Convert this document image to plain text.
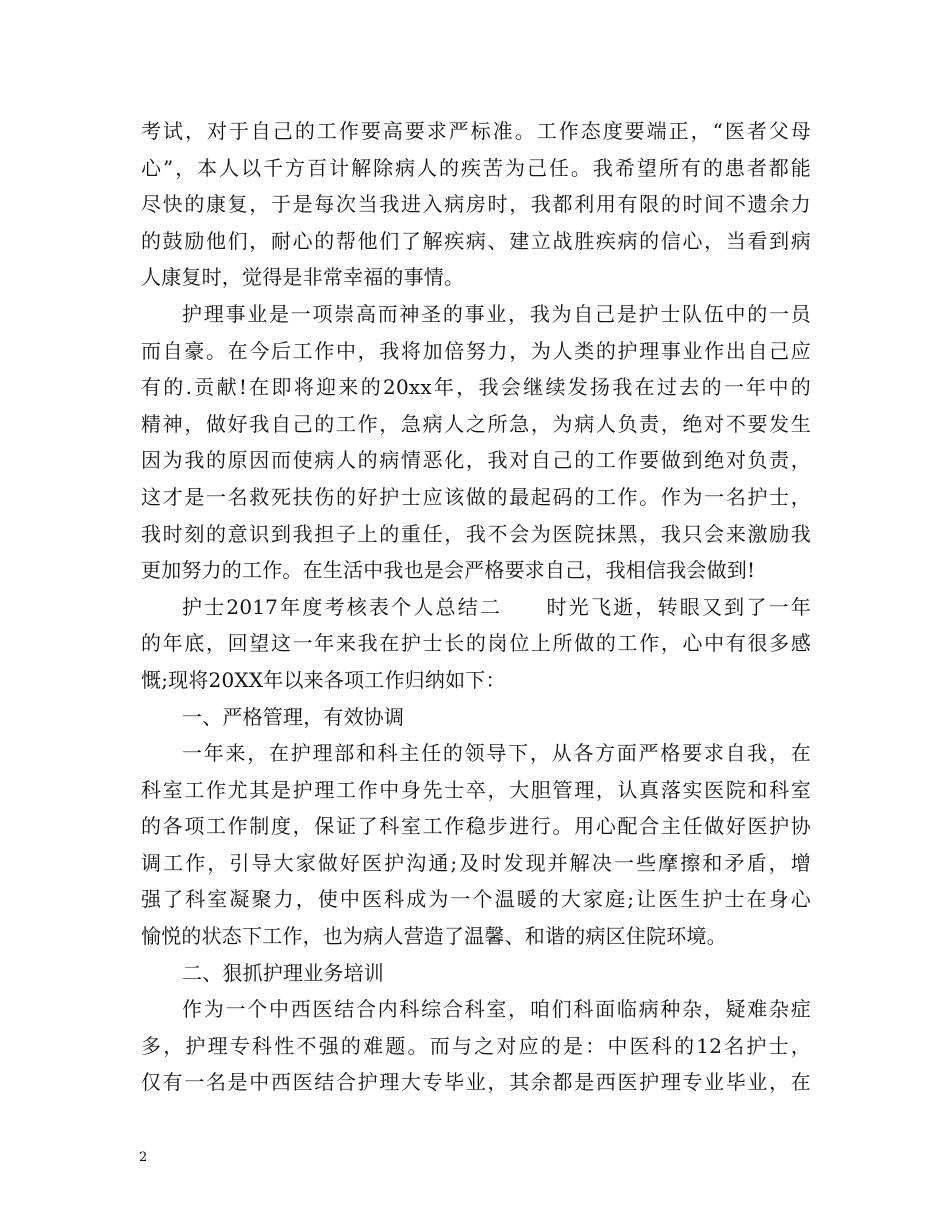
考试，对于自己的工作要高要求严标准。工作态度要端正，“医者父母
心”，本人以千方百计解除病人的疾苦为己任。我希望所有的患者都能
尽快的康复，于是每次当我进入病房时，我都利用有限的时间不遗余力
的鼓励他们，耐心的帮他们了解疾病、建立战胜疾病的信心，当看到病
人康复时，觉得是非常幸福的事情。
护理事业是一项崇高而神圣的事业，我为自己是护士队伍中的一员
而自豪。在今后工作中，我将加倍努力，为人类的护理事业作出自己应
有的.贡献!在即将迎来的20xx年，我会继续发扬我在过去的一年中的
精神，做好我自己的工作，急病人之所急，为病人负责，绝对不要发生
因为我的原因而使病人的病情恶化，我对自己的工作要做到绝对负责，
这才是一名救死扶伤的好护士应该做的最起码的工作。作为一名护士，
我时刻的意识到我担子上的重任，我不会为医院抹黑，我只会来激励我
更加努力的工作。在生活中我也是会严格要求自己，我相信我会做到!
护士2017年度考核表个人总结二　　时光飞逝，转眼又到了一年
的年底，回望这一年来我在护士长的岗位上所做的工作，心中有很多感
慨;现将20XX年以来各项工作归纳如下：
一、严格管理，有效协调
一年来，在护理部和科主任的领导下，从各方面严格要求自我，在
科室工作尤其是护理工作中身先士卒，大胆管理，认真落实医院和科室
的各项工作制度，保证了科室工作稳步进行。用心配合主任做好医护协
调工作，引导大家做好医护沟通;及时发现并解决一些摩擦和矛盾，增
强了科室凝聚力，使中医科成为一个温暖的大家庭;让医生护士在身心
愉悦的状态下工作，也为病人营造了温馨、和谐的病区住院环境。
二、狠抓护理业务培训
作为一个中西医结合内科综合科室，咱们科面临病种杂，疑难杂症
多，护理专科性不强的难题。而与之对应的是：中医科的12名护士，
仅有一名是中西医结合护理大专毕业，其余都是西医护理专业毕业，在
2
